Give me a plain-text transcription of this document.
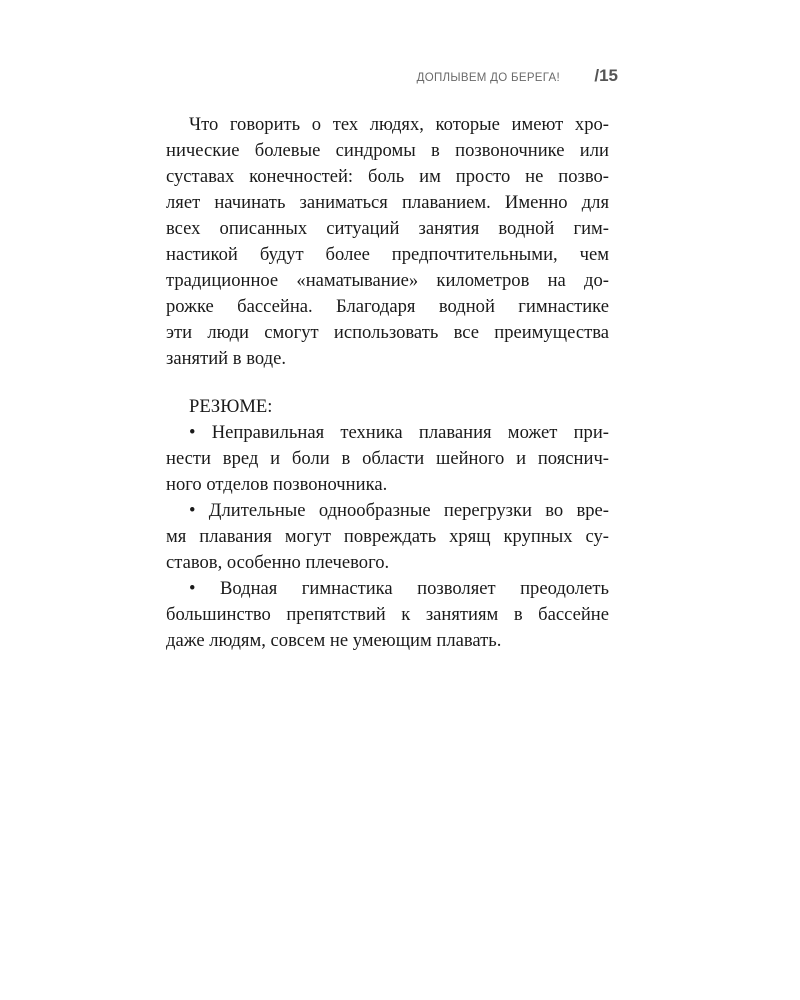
ДОПЛЫВЕМ ДО БЕРЕГА! /15
Что говорить о тех людях, которые имеют хро-
нические болевые синдромы в позвоночнике или
суставах конечностей: боль им просто не позво-
ляет начинать заниматься плаванием. Именно для
всех описанных ситуаций занятия водной гим-
настикой будут более предпочтительными, чем
традиционное «наматывание» километров на до-
рожке бассейна. Благодаря водной гимнастике
эти люди смогут использовать все преимущества
занятий в воде.
РЕЗЮМЕ:
• Неправильная техника плавания может при-
нести вред и боли в области шейного и пояснич-
ного отделов позвоночника.
• Длительные однообразные перегрузки во вре-
мя плавания могут повреждать хрящ крупных су-
ставов, особенно плечевого.
• Водная гимнастика позволяет преодолеть
большинство препятствий к занятиям в бассейне
даже людям, совсем не умеющим плавать.
